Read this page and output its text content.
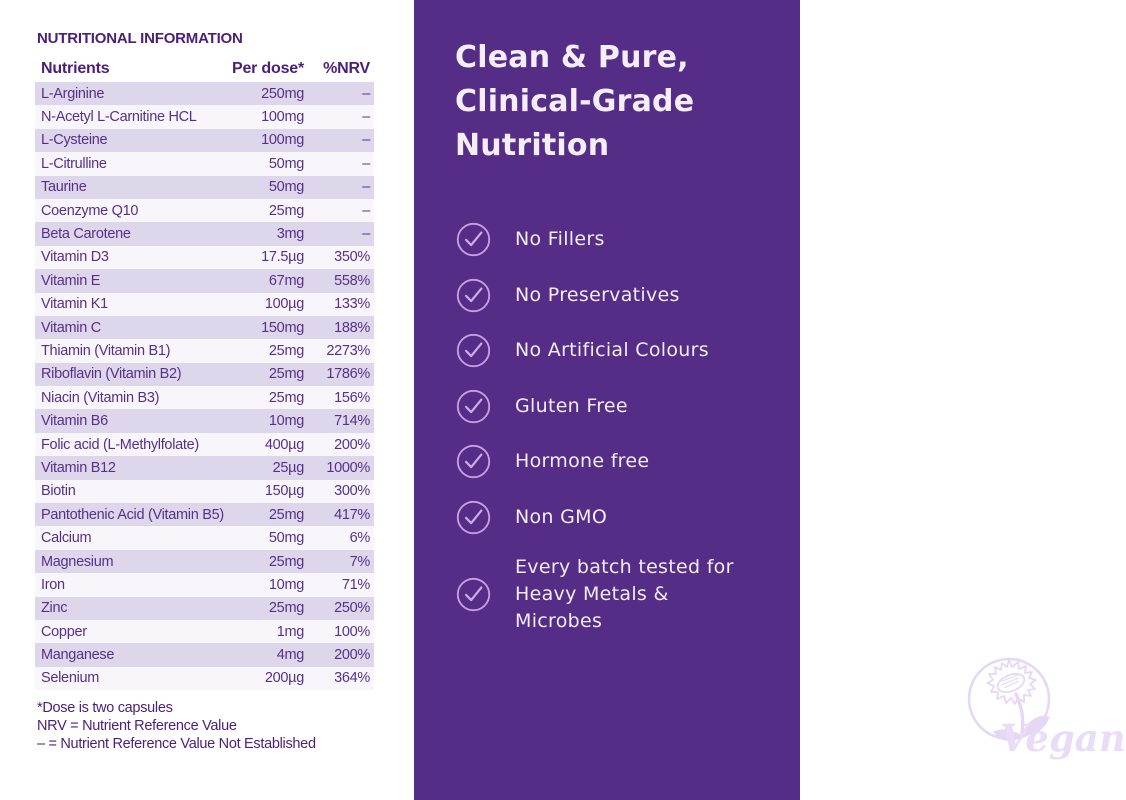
NUTRITIONAL INFORMATION
Nutrients	Per dose*	%NRV
L-Arginine	250mg	–
N-Acetyl L-Carnitine HCL	100mg	–
L-Cysteine	100mg	–
L-Citrulline	50mg	–
Taurine	50mg	–
Coenzyme Q10	25mg	–
Beta Carotene	3mg	–
Vitamin D3	17.5µg	350%
Vitamin E	67mg	558%
Vitamin K1	100µg	133%
Vitamin C	150mg	188%
Thiamin (Vitamin B1)	25mg	2273%
Riboflavin (Vitamin B2)	25mg	1786%
Niacin (Vitamin B3)	25mg	156%
Vitamin B6	10mg	714%
Folic acid (L-Methylfolate)	400µg	200%
Vitamin B12	25µg	1000%
Biotin	150µg	300%
Pantothenic Acid (Vitamin B5)	25mg	417%
Calcium	50mg	6%
Magnesium	25mg	7%
Iron	10mg	71%
Zinc	25mg	250%
Copper	1mg	100%
Manganese	4mg	200%
Selenium	200µg	364%
*Dose is two capsules
NRV = Nutrient Reference Value
– = Nutrient Reference Value Not Established
Clean & Pure,
Clinical-Grade
Nutrition
No Fillers
No Preservatives
No Artificial Colours
Gluten Free
Hormone free
Non GMO
Every batch tested for Heavy Metals & Microbes
Vegan
